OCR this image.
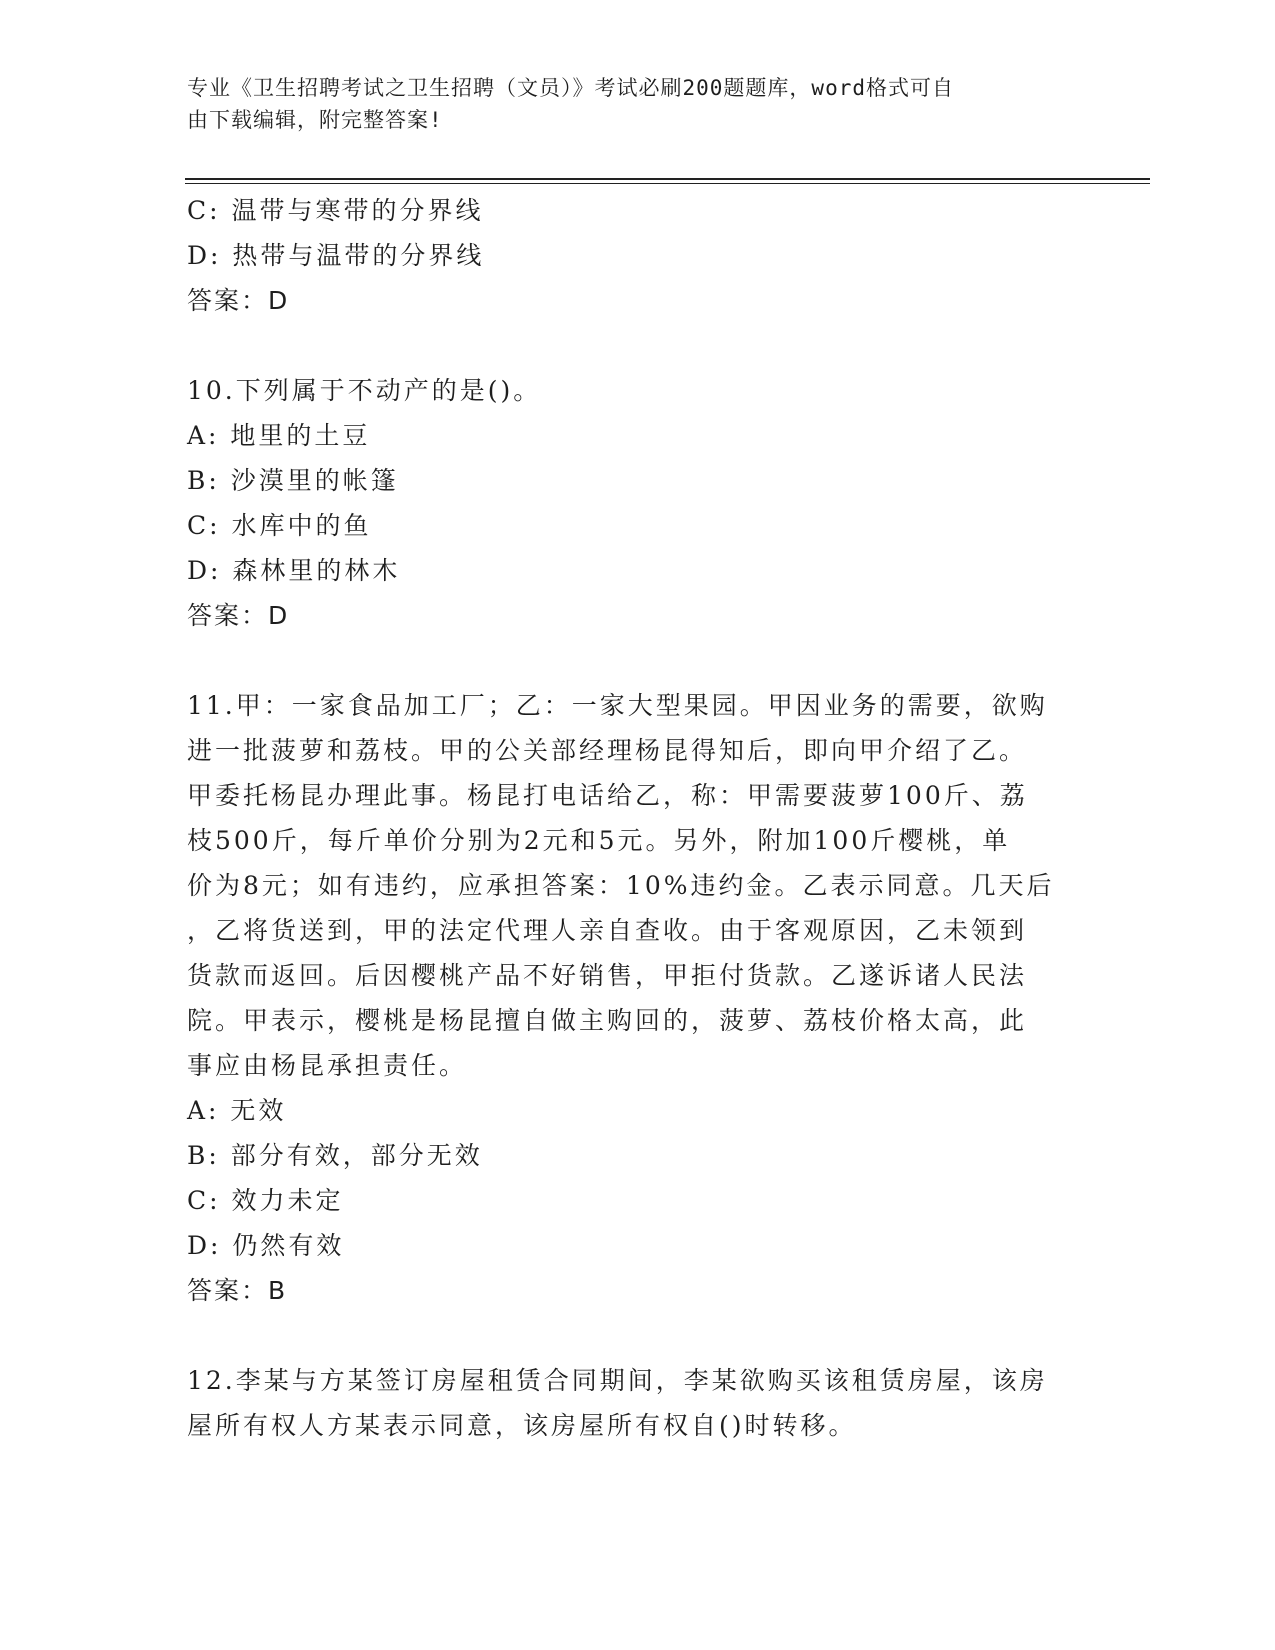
专业《卫生招聘考试之卫生招聘（文员）》考试必刷200题题库，word格式可自
由下载编辑，附完整答案!
C: 温带与寒带的分界线
D: 热带与温带的分界线
答案：D
10.下列属于不动产的是()。
A: 地里的土豆
B: 沙漠里的帐篷
C: 水库中的鱼
D: 森林里的林木
答案：D
11.甲：一家食品加工厂；乙：一家大型果园。甲因业务的需要，欲购
进一批菠萝和荔枝。甲的公关部经理杨昆得知后，即向甲介绍了乙。
甲委托杨昆办理此事。杨昆打电话给乙，称：甲需要菠萝100斤、荔
枝500斤，每斤单价分别为2元和5元。另外，附加100斤樱桃，单
价为8元；如有违约，应承担答案：10%违约金。乙表示同意。几天后
，乙将货送到，甲的法定代理人亲自查收。由于客观原因，乙未领到
货款而返回。后因樱桃产品不好销售，甲拒付货款。乙遂诉诸人民法
院。甲表示，樱桃是杨昆擅自做主购回的，菠萝、荔枝价格太高，此
事应由杨昆承担责任。
A: 无效
B: 部分有效，部分无效
C: 效力未定
D: 仍然有效
答案：B
12.李某与方某签订房屋租赁合同期间，李某欲购买该租赁房屋，该房
屋所有权人方某表示同意，该房屋所有权自()时转移。
